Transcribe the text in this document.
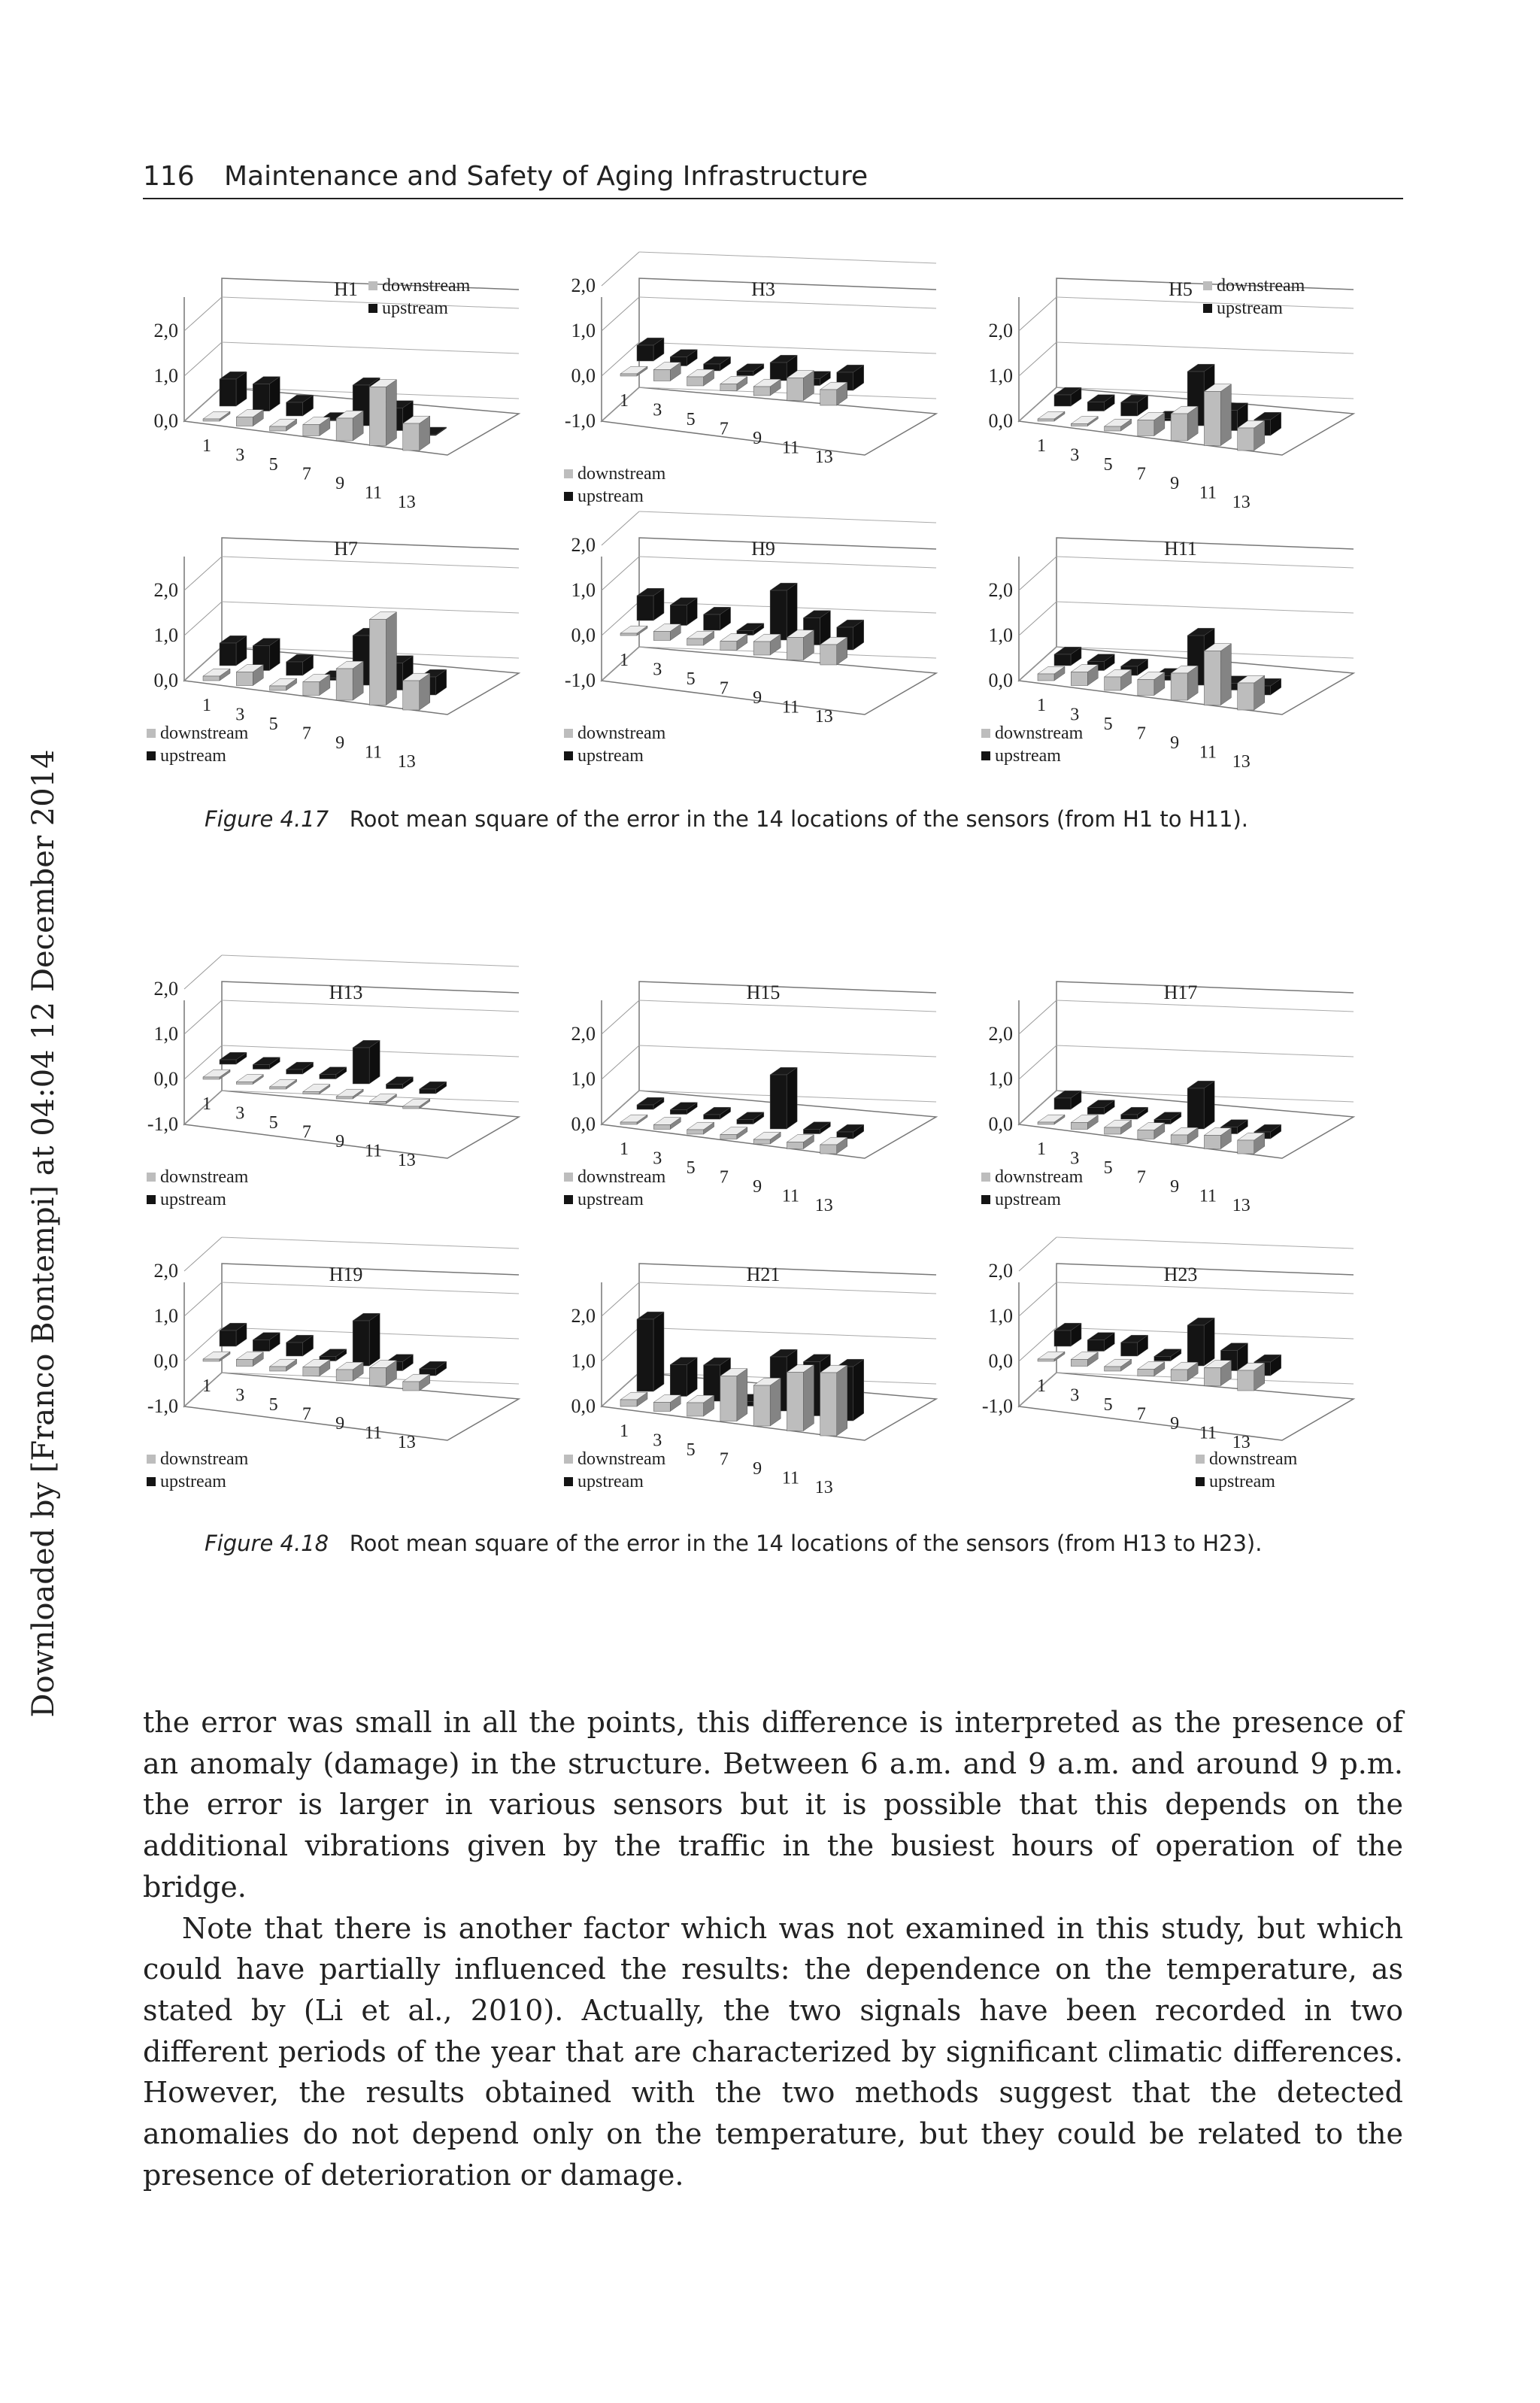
116 Maintenance and Safety of Aging Infrastructure
Downloaded by [Franco Bontempi] at 04:04 12 December 2014
2,0
1,0
0,0
H1
1 3 5 7 9 11 13
downstream
upstream
2,0
1,0
0,0
-1,0
H3
1 3 5 7 9 11 13
downstream
upstream
2,0
1,0
0,0
H5
1 3 5 7 9 11 13
downstream
upstream
2,0
1,0
0,0
H7
1 3 5 7 9 11 13
downstream
upstream
2,0
1,0
0,0
-1,0
H9
1 3 5 7 9 11 13
downstream
upstream
2,0
1,0
0,0
H11
1 3 5 7 9 11 13
downstream
upstream
Figure 4.17 Root mean square of the error in the 14 locations of the sensors (from H1 to H11).
2,0
1,0
0,0
-1,0
H13
1 3 5 7 9 11 13
downstream
upstream
2,0
1,0
0,0
H15
1 3 5 7 9 11 13
downstream
upstream
2,0
1,0
0,0
H17
1 3 5 7 9 11 13
downstream
upstream
2,0
1,0
0,0
-1,0
H19
1 3 5 7 9 11 13
downstream
upstream
2,0
1,0
0,0
H21
1 3 5 7 9 11 13
downstream
upstream
2,0
1,0
0,0
-1,0
H23
1 3 5 7 9 11 13
downstream
upstream
Figure 4.18 Root mean square of the error in the 14 locations of the sensors (from H13 to H23).

the error was small in all the points, this difference is interpreted as the presence of an anomaly (damage) in the structure. Between 6 a.m. and 9 a.m. and around 9 p.m. the error is larger in various sensors but it is possible that this depends on the additional vibrations given by the traffic in the busiest hours of operation of the bridge.

Note that there is another factor which was not examined in this study, but which could have partially influenced the results: the dependence on the temperature, as stated by (Li et al., 2010). Actually, the two signals have been recorded in two different periods of the year that are characterized by significant climatic differences. However, the results obtained with the two methods suggest that the detected anomalies do not depend only on the temperature, but they could be related to the presence of deterioration or damage.
